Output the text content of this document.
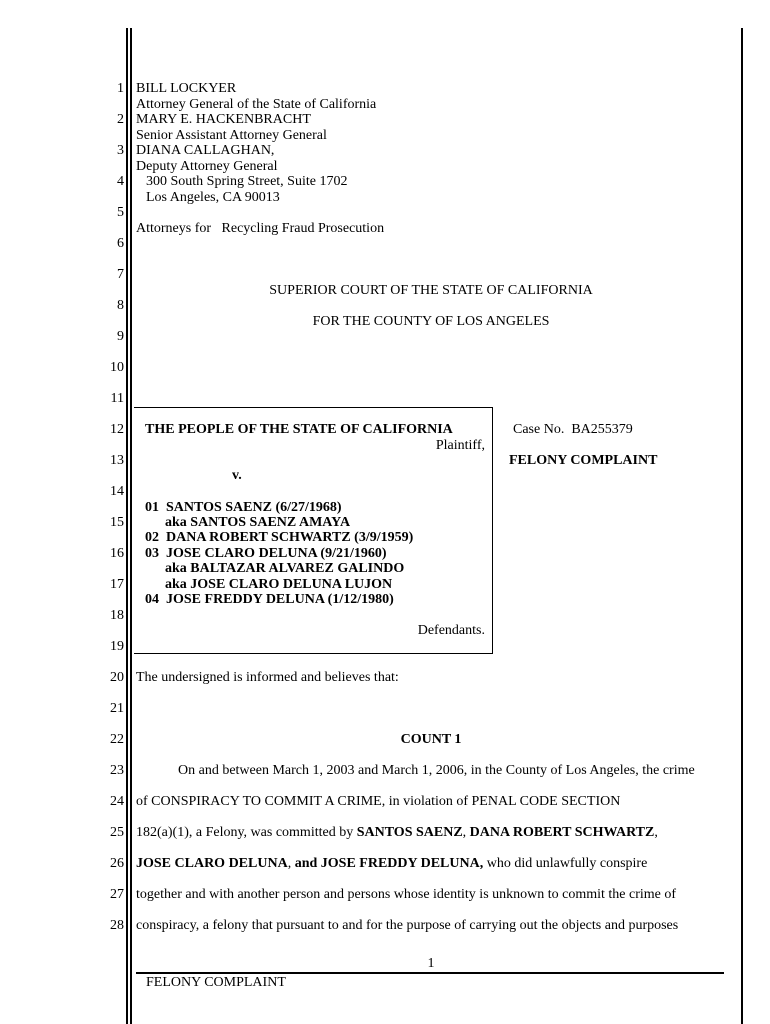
1
2
3
4
5
6
7
8
9
10
11
12
13
14
15
16
17
18
19
20
21
22
23
24
25
26
27
28
BILL LOCKYER
Attorney General of the State of California
MARY E. HACKENBRACHT
Senior Assistant Attorney General
DIANA CALLAGHAN,
Deputy Attorney General
300 South Spring Street, Suite 1702
Los Angeles, CA 90013
Attorneys for   Recycling Fraud Prosecution
SUPERIOR COURT OF THE STATE OF CALIFORNIA
FOR THE COUNTY OF LOS ANGELES
THE PEOPLE OF THE STATE OF CALIFORNIA
Plaintiff,
v.
01  SANTOS SAENZ (6/27/1968)
aka SANTOS SAENZ AMAYA
02  DANA ROBERT SCHWARTZ (3/9/1959)
03  JOSE CLARO DELUNA (9/21/1960)
aka BALTAZAR ALVAREZ GALINDO
aka JOSE CLARO DELUNA LUJON
04  JOSE FREDDY DELUNA (1/12/1980)
Defendants.
Case No.  BA255379
FELONY COMPLAINT
The undersigned is informed and believes that:
COUNT 1
On and between March 1, 2003 and March 1, 2006, in the County of Los Angeles, the crime
of CONSPIRACY TO COMMIT A CRIME, in violation of PENAL CODE SECTION
182(a)(1), a Felony, was committed by SANTOS SAENZ, DANA ROBERT SCHWARTZ,
JOSE CLARO DELUNA, and JOSE FREDDY DELUNA, who did unlawfully conspire
together and with another person and persons whose identity is unknown to commit the crime of
conspiracy, a felony that pursuant to and for the purpose of carrying out the objects and purposes
1
FELONY COMPLAINT
